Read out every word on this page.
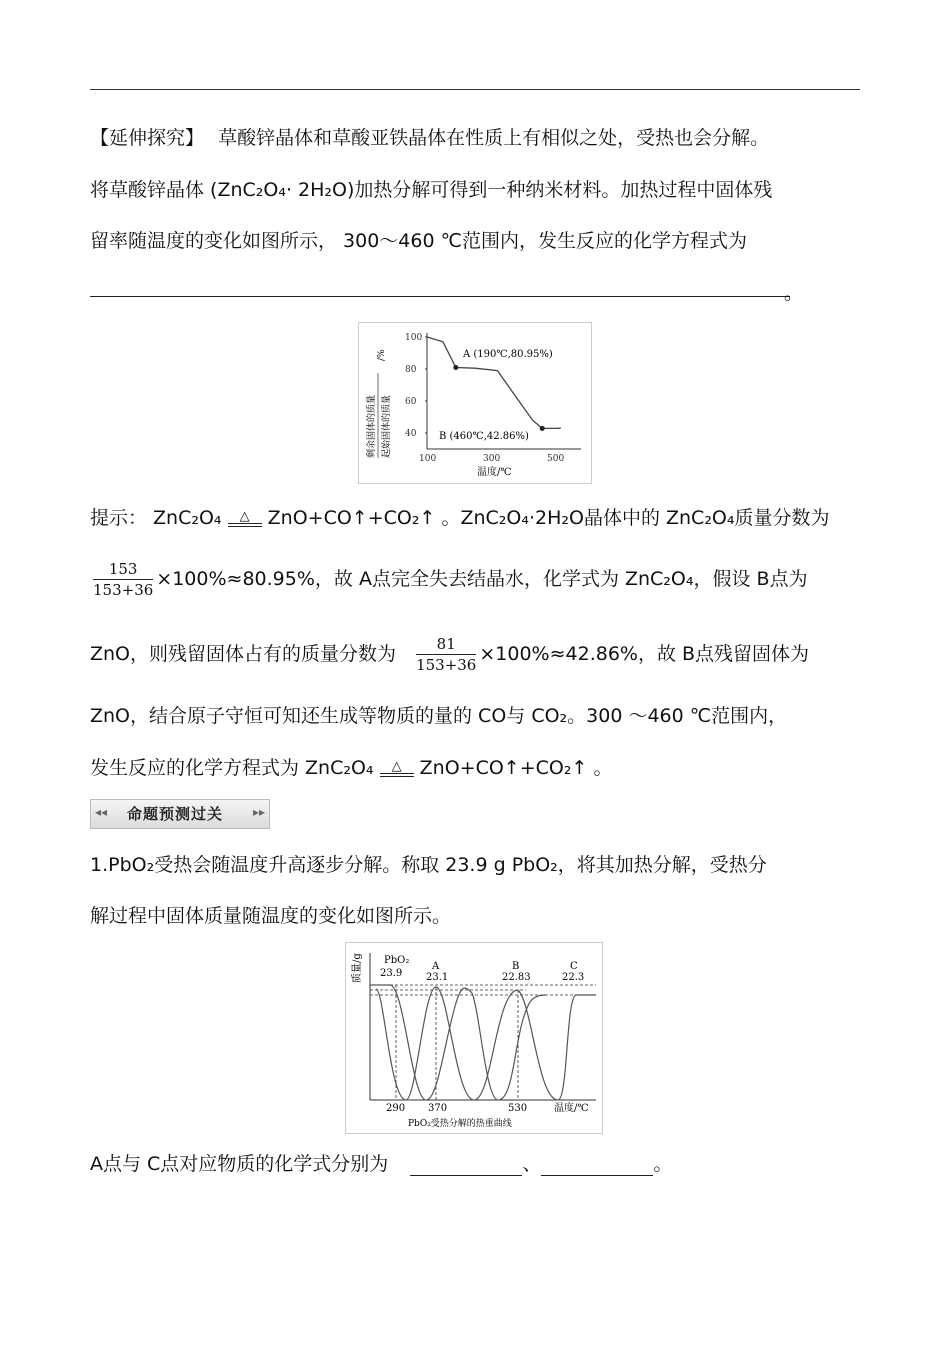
【延伸探究】 草酸锌晶体和草酸亚铁晶体在性质上有相似之处，受热也会分解。
将草酸锌晶体 (ZnC₂O₄· 2H₂O)加热分解可得到一种纳米材料。加热过程中固体残
留率随温度的变化如图所示， 300～460 ℃范围内，发生反应的化学方程式为
。
40
60
80
100
100	300	500
A (190℃,80.95%)
B (460℃,42.86%)
温度/℃
剩余固体的质量 起始固体的质量
/%
提示： ZnC₂O₄	△ ZnO+CO↑+CO₂↑ 。ZnC₂O₄·2H₂O晶体中的 ZnC₂O₄质量分数为
$\frac{153}{153+36} \times 100\%\approx 80.95\%$，故 A点完全失去结晶水，化学式为 ZnC₂O₄，假设 B点为
ZnO，则残留固体占有的质量分数为 $\frac{81}{153+36} \times 100\%\approx 42.86\%$，故 B点残留固体为
ZnO，结合原子守恒可知还生成等物质的量的 CO与 CO₂。300 ～460 ℃范围内，
发生反应的化学方程式为 ZnC₂O₄	△ ZnO+CO↑+CO₂↑ 。
◂◂ 命题预测过关 ▸▸
1.PbO₂受热会随温度升高逐步分解。称取 23.9 g PbO₂，将其加热分解，受热分
解过程中固体质量随温度的变化如图所示。
质量/g PbO₂
23.9
A
23.1
B
22.83
C
22.3
290 370	530	温度/℃
PbO₂受热分解的热重曲线
A点与 C点对应物质的化学式分别为	、	。
